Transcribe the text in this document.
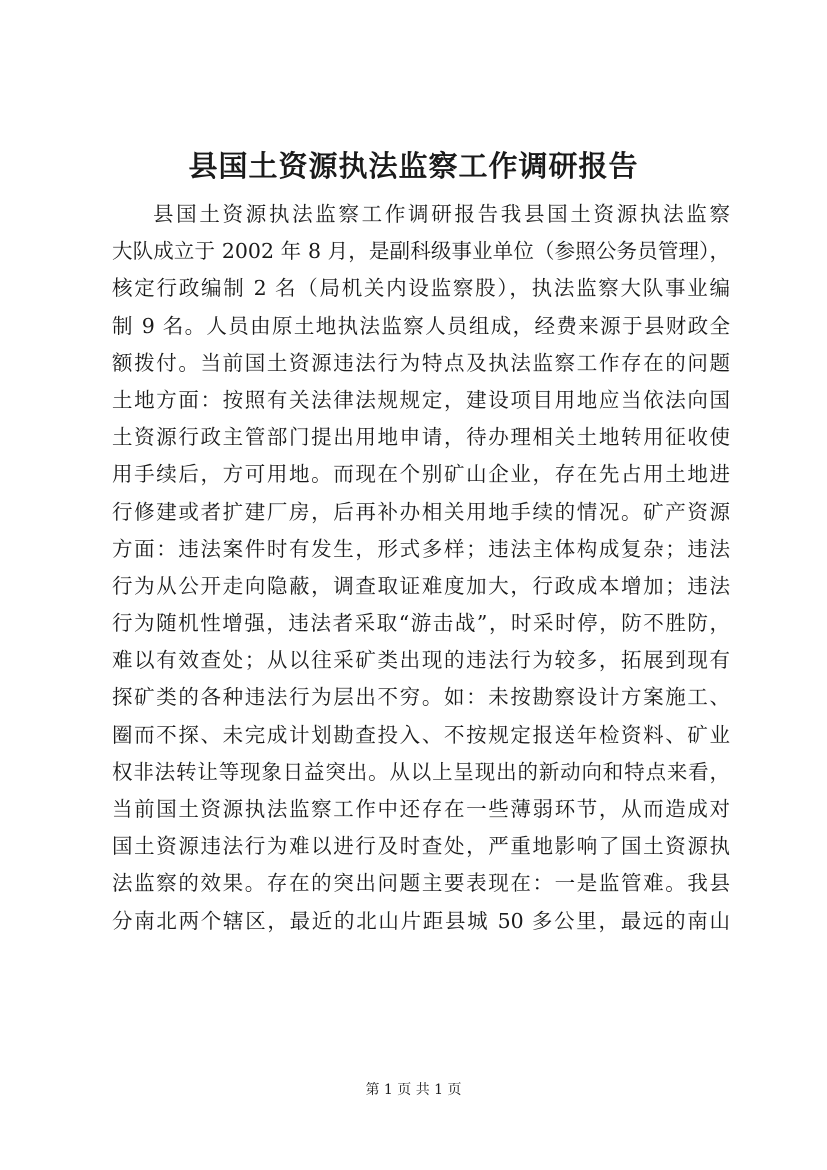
县国土资源执法监察工作调研报告
县国土资源执法监察工作调研报告我县国土资源执法监察
大队成立于 2002 年 8 月，是副科级事业单位（参照公务员管理），
核定行政编制 2 名（局机关内设监察股），执法监察大队事业编
制 9 名。人员由原土地执法监察人员组成，经费来源于县财政全
额拨付。当前国土资源违法行为特点及执法监察工作存在的问题
土地方面：按照有关法律法规规定，建设项目用地应当依法向国
土资源行政主管部门提出用地申请，待办理相关土地转用征收使
用手续后，方可用地。而现在个别矿山企业，存在先占用土地进
行修建或者扩建厂房，后再补办相关用地手续的情况。矿产资源
方面：违法案件时有发生，形式多样；违法主体构成复杂；违法
行为从公开走向隐蔽，调查取证难度加大，行政成本增加；违法
行为随机性增强，违法者采取“游击战”，时采时停，防不胜防，
难以有效查处；从以往采矿类出现的违法行为较多，拓展到现有
探矿类的各种违法行为层出不穷。如：未按勘察设计方案施工、
圈而不探、未完成计划勘查投入、不按规定报送年检资料、矿业
权非法转让等现象日益突出。从以上呈现出的新动向和特点来看，
当前国土资源执法监察工作中还存在一些薄弱环节，从而造成对
国土资源违法行为难以进行及时查处，严重地影响了国土资源执
法监察的效果。存在的突出问题主要表现在：一是监管难。我县
分南北两个辖区，最近的北山片距县城 50 多公里，最远的南山
第 1 页 共 1 页
